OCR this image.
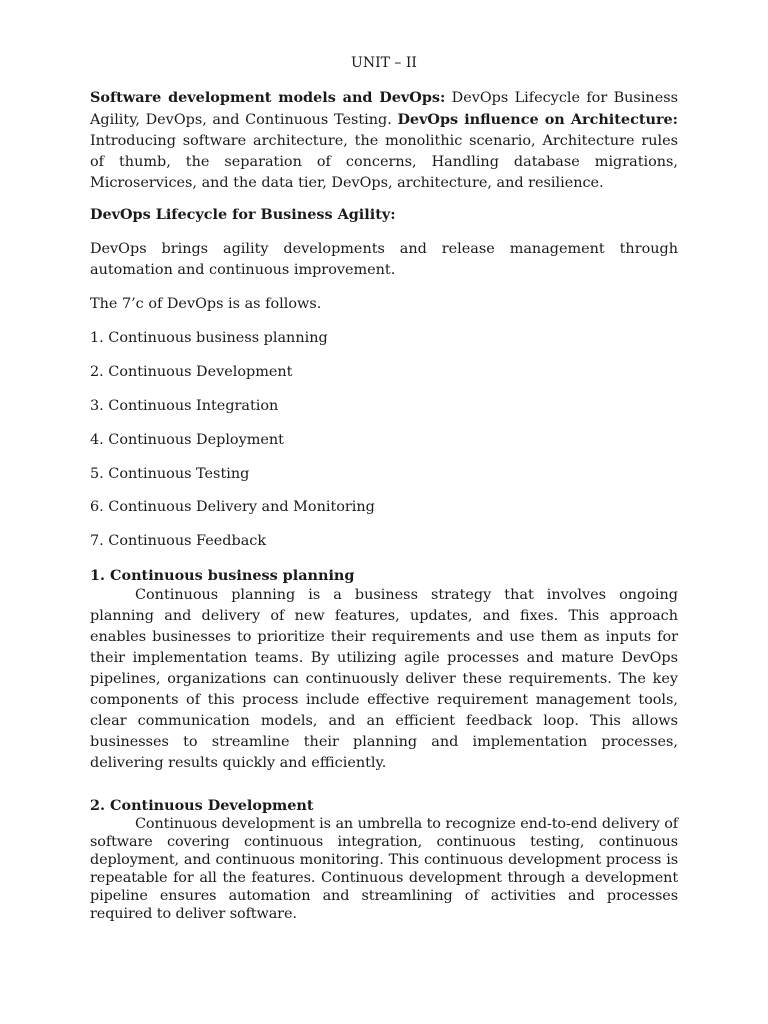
UNIT – II
Software development models and DevOps: DevOps Lifecycle for Business Agility, DevOps, and Continuous Testing. DevOps influence on Architecture: Introducing software architecture, the monolithic scenario, Architecture rules of thumb, the separation of concerns, Handling database migrations, Microservices, and the data tier, DevOps, architecture, and resilience.
DevOps Lifecycle for Business Agility:
DevOps brings agility developments and release management through automation and continuous improvement.
The 7’c of DevOps is as follows.
1. Continuous business planning
2. Continuous Development
3. Continuous Integration
4. Continuous Deployment
5. Continuous Testing
6. Continuous Delivery and Monitoring
7. Continuous Feedback
1. Continuous business planning
Continuous planning is a business strategy that involves ongoing planning and delivery of new features, updates, and fixes. This approach enables businesses to prioritize their requirements and use them as inputs for their implementation teams. By utilizing agile processes and mature DevOps pipelines, organizations can continuously deliver these requirements. The key components of this process include effective requirement management tools, clear communication models, and an efficient feedback loop. This allows businesses to streamline their planning and implementation processes, delivering results quickly and efficiently.
2. Continuous Development
Continuous development is an umbrella to recognize end-to-end delivery of software covering continuous integration, continuous testing, continuous deployment, and continuous monitoring. This continuous development process is repeatable for all the features. Continuous development through a development pipeline ensures automation and streamlining of activities and processes required to deliver software.
